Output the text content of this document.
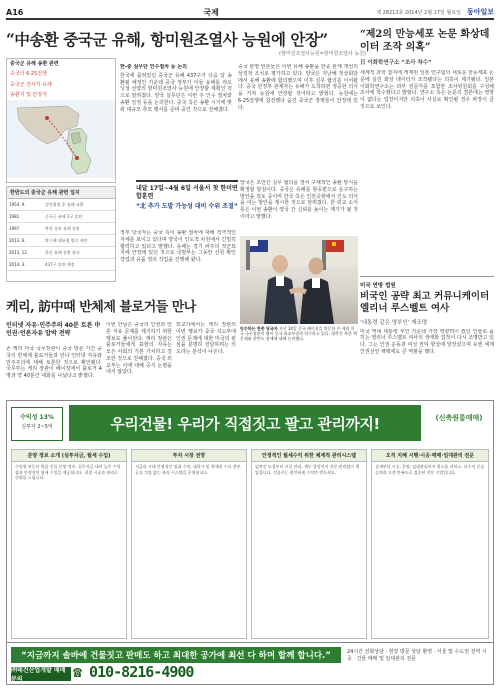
A16	국제	제 28213호 2014년 2월 17일 월요일 동아일보
“中송환 중국군 유해, 항미원조열사 능원에 안장”
(항미원조열사능원=항미원조열사 능원)
중국군 유해 송환 관련
중국의 6·25전쟁
중국군 전사자 유해
송환지 및 안장지
한반도의 중국군 유해 관련 일지
1954. 9.	정전협정 후 유해 교환
1981.	중국군 유해 1구 송환
1997.	북한 경유 유해 송환
2013. 6.	박근혜 대통령 방중 제안
2013. 12.	한중 유해 송환 합의
2014. 3.	437구 송환 예정
한-중 실무단 인수절차 등 논의
한국에 묻혀있던 중국군 유해 437구가 다음 달 송환될 예정인 가운데 중국 정부가 이들 유해를 랴오닝성 선양의 항미원조열사 능원에 안장할 계획인 것으로 알려졌다. 양국 실무단은 이번 주 인수 절차와 송환 일정 등을 논의한다. 중국 측은 송환 시기에 맞춰 대규모 추모 행사를 준비 중인 것으로 전해졌다.
중국 관영 언론들은 이번 유해 송환을 한중 관계 개선의 상징적 조치로 평가하고 있다. 양국은 지난해 정상회담에서 유해 송환에 합의했으며 이후 실무 협의를 이어왔다. 중국 민정부 관계자는 유해가 도착하면 정중한 의식을 거쳐 능원에 안장할 것이라고 밝혔다. 능원에는 6·25전쟁에 참전했다 숨진 중국군 장병들이 안장돼 있다.
내달 17일~4월 6일 서울서 첫 한미연합훈련
“北 추가 도발 가능성 대비 수위 조절”
정부 당국자는 중국 측이 송환 절차에 대해 적극적인 자세를 보이고 있다며 양국이 인도적 차원에서 긴밀히 협력하고 있다고 말했다. 유해는 경기 파주의 적군묘지에 안장돼 있던 것으로 국방부는 그동안 신원 확인 작업과 유품 정리 작업을 진행해 왔다.
양국은 조만간 실무 협의를 열어 구체적인 송환 방식을 확정할 방침이다. 중국은 유해를 항공편으로 운구하는 방안을 검토 중이며 한국 측은 인천공항에서 인도 의식을 여는 방안을 제시한 것으로 알려졌다. 한 외교 소식통은 이번 송환이 양국 간 신뢰를 높이는 계기가 될 것이라고 말했다.
악수하는 한중 당국자 지난 14일 중국 베이징을 방문한 존 케리 미국 국무장관이 왕이 중국 외교부장과 악수하고 있다. 양측은 북한 핵 문제와 한반도 정세에 대해 논의했다.
“제2의 만능세포 논문 화상데이터 조작 의혹”
日 이화학연구소 “조사 착수”
세계적 과학 잡지에 게재된 일본 연구팀의 새로운 만능세포 논문에 실린 화상 데이터가 조작됐다는 의혹이 제기됐다. 일본 이화학연구소는 외부 전문가를 포함한 조사위원회를 구성해 조사에 착수했다고 밝혔다. 연구소 측은 논문의 결론에는 영향이 없다는 입장이지만 의혹이 사실로 확인될 경우 파장이 클 것으로 보인다.
미국 연방 법원
비국인 공략 최고 커뮤니케이터 엘리너 루스벨트 여사
‘대통령 같은 영부인’ 재조명
미국 역대 대통령 부인 가운데 가장 영향력이 컸던 인물로 꼽히는 엘리너 루스벨트 여사의 생애와 업적이 다시 조명받고 있다. 그는 인권 운동과 여성 권익 향상에 앞장섰으며 유엔 세계인권선언 채택에도 큰 역할을 했다.
케리, 訪中때 반체제 블로거들 만나
인터넷 자유·민주주의 40분 토론 中 인권·언론자유 압박 전략
존 케리 미국 국무장관이 중국 방문 기간 중국의 반체제 블로거들과 만나 인터넷 자유와 민주주의에 대해 토론한 것으로 확인됐다. 국무부는 케리 장관이 베이징에서 블로거 4명과 약 40분간 대화를 나눴다고 밝혔다.
이번 만남은 중국의 인권과 언론 자유 문제를 제기하기 위한 행보로 풀이된다. 케리 장관은 블로거들에게 표현의 자유는 모든 사회의 기본 가치라고 강조한 것으로 전해졌다. 중국 외교부는 이에 대해 공식 논평을 내지 않았다.
외교가에서는 케리 장관의 이번 행보가 중국 지도부에 인권 문제에 대한 미국의 관심을 분명히 전달하려는 의도라는 분석이 나온다.
수익성 13%
실투자 2~5억	우리건물! 우리가 직접짓고 팔고 관리까지!	(신축원룸매매)
분양 정보 소개 (실투자금, 월세 수입)
수익형 부동산 원룸 건물 분양 정보. 실투자금 대비 높은 수익률과 안정적인 월세 수입을 제공합니다. 직접 시공과 관리로 신뢰를 드립니다.
투자 시장 전망
저금리 시대 안정적인 임대 수익. 대학가 및 역세권 수요 풍부. 공실 걱정 없는 관리 시스템을 운영합니다.
안정적인 월세수익 위한 체계적 관리시스템
임차인 모집부터 시설 관리, 세무 상담까지 전문 관리팀이 책임집니다. 건물주는 편안하게 수익만 받으세요.
오직 지혜 시행·시공·매매·임대관리 전문
설계부터 시공, 분양, 임대관리까지 원스톱 서비스. 다수의 준공 실적과 고객 만족도로 검증된 전문 기업입니다.
“지금까지 솔바에 건물짓고 판매도 하고 최대한 공가에 최선 다 하며 할께 합니다.”
㈜태건산업개발 매매문의	☎ 010-8216-4900
24시간 전화상담 · 현장 방문 상담 환영 · 서울 및 수도권 전역 시공 · 건물 매매 및 임대관리 전문
